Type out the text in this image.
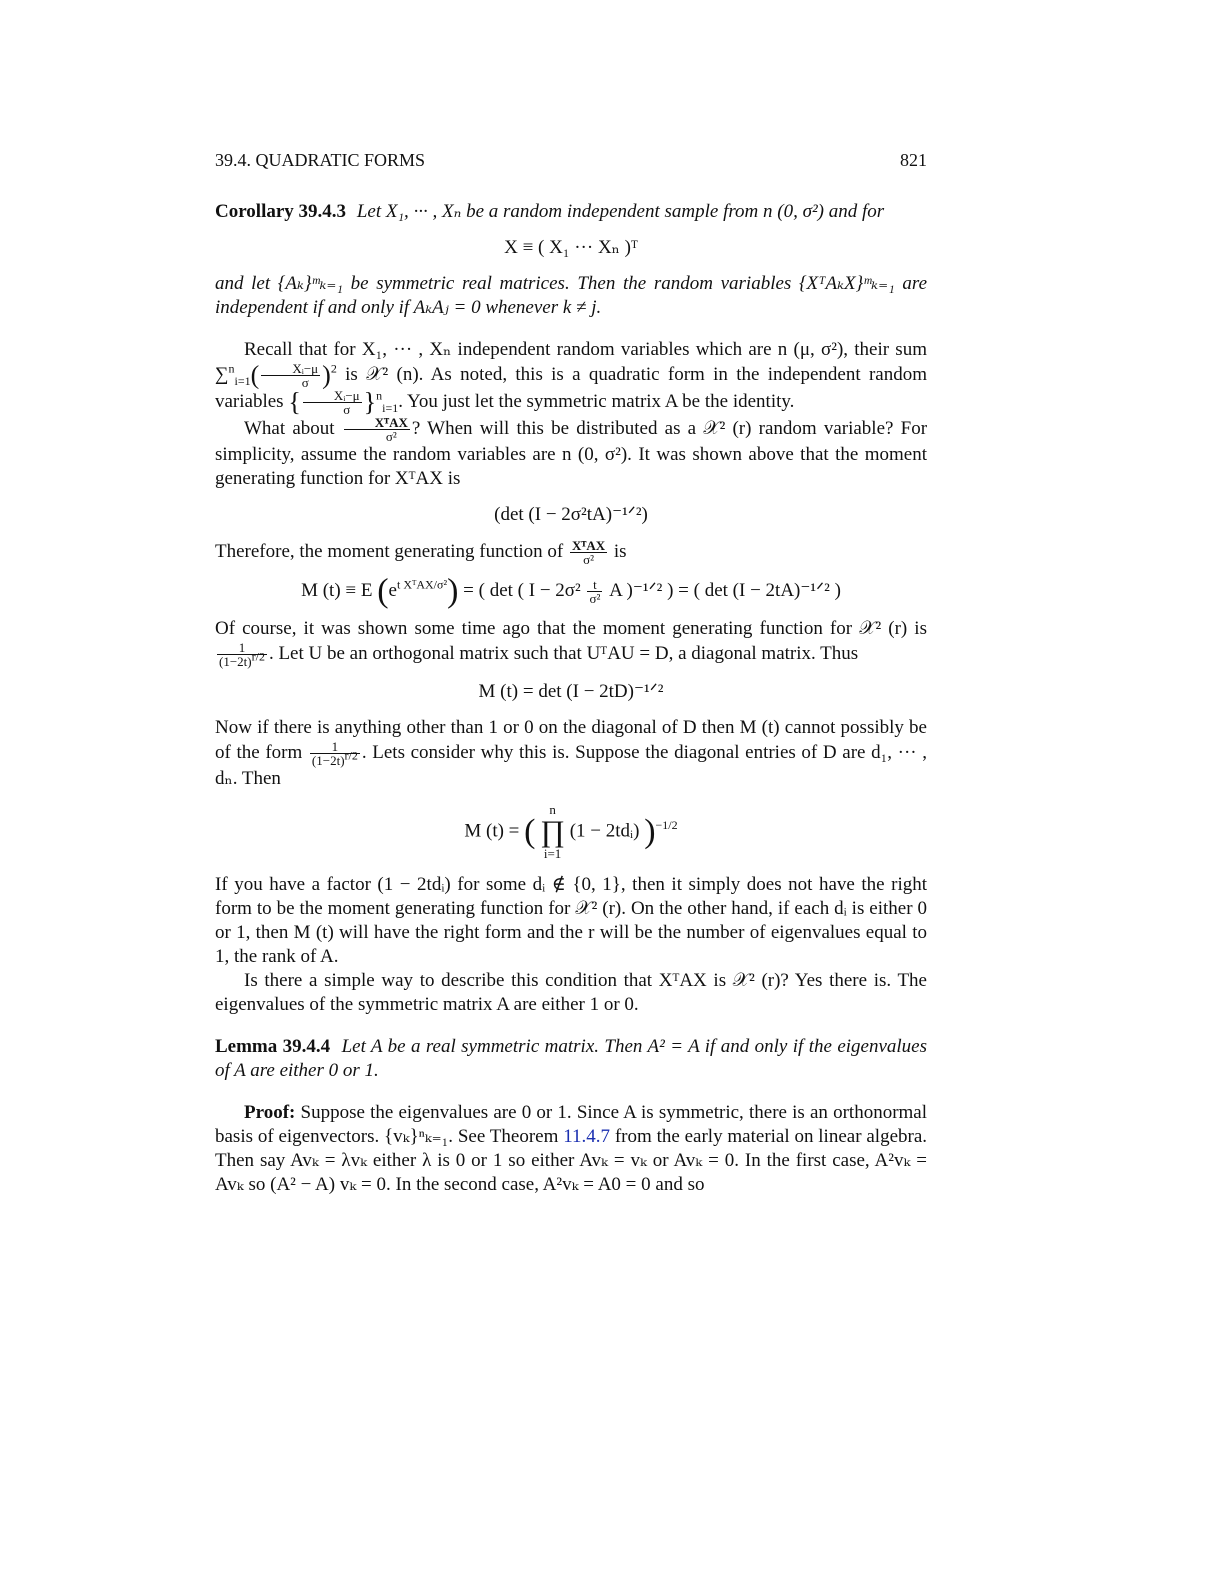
39.4. QUADRATIC FORMS	821

Corollary 39.4.3 Let X₁, ··· , Xₙ be a random independent sample from n (0, σ²) and for

X ≡ ( X₁ ··· Xₙ )ᵀ

and let {Aₖ}ᵐₖ₌₁ be symmetric real matrices. Then the random variables {XᵀAₖX}ᵐₖ₌₁ are independent if and only if AₖAⱼ = 0 whenever k ≠ j.

Recall that for X₁, ··· , Xₙ independent random variables which are n (μ, σ²), their sum $\sum^n_{i=1}( \frac{\text{Xᵢ−μ}}{\sigma} )^2$ is 𝒳² (n). As noted, this is a quadratic form in the independent random variables { $\frac{\text{Xᵢ−μ}}{\sigma} \}^n_{i=1}$. You just let the symmetric matrix A be the identity.

What about $\frac{\text{XᵀAX}}{\text{σ²}}$ ? When will this be distributed as a 𝒳² (r) random variable? For simplicity, assume the random variables are n (0, σ²). It was shown above that the moment generating function for XᵀAX is

(det (I − 2σ²tA)⁻¹ᐟ²)

Therefore, the moment generating function of $\frac{\text{XᵀAX}}{\text{σ²}}$ is

M (t) ≡ E $(e^{t XᵀAX/\sigma^2})$ = ( det ( $I - 2\sigma^2 \frac{t}{\text{σ²}}$ A )⁻¹ᐟ² ) = ( det (I − 2tA)⁻¹ᐟ² )

Of course, it was shown some time ago that the moment generating function for 𝒳² (r) is
$\frac{1}{(1-2t)^{r/2}}$ . Let U be an orthogonal matrix such that UᵀAU = D, a diagonal matrix. Thus

M (t) = det (I − 2tD)⁻¹ᐟ²

Now if there is anything other than 1 or 0 on the diagonal of D then M (t) cannot possibly be of the form $\frac{1}{(1-2t)^{r/2}}$ . Lets consider why this is. Suppose the diagonal entries of D are d₁, ··· , dₙ. Then

M (t) = ( n
∏
i=1 (1 − 2tdᵢ) )$^{-1/2}$

If you have a factor (1 − 2tdᵢ) for some dᵢ ∉ {0, 1}, then it simply does not have the right form to be the moment generating function for 𝒳² (r). On the other hand, if each dᵢ is either 0 or 1, then M (t) will have the right form and the r will be the number of eigenvalues equal to 1, the rank of A.

Is there a simple way to describe this condition that XᵀAX is 𝒳² (r)? Yes there is. The eigenvalues of the symmetric matrix A are either 1 or 0.

Lemma 39.4.4 Let A be a real symmetric matrix. Then A² = A if and only if the eigenvalues of A are either 0 or 1.

Proof: Suppose the eigenvalues are 0 or 1. Since A is symmetric, there is an orthonormal basis of eigenvectors. {vₖ}ⁿₖ₌₁. See Theorem 11.4.7 from the early material on linear algebra. Then say Avₖ = λvₖ either λ is 0 or 1 so either Avₖ = vₖ or Avₖ = 0. In the first case, A²vₖ = Avₖ so (A² − A) vₖ = 0. In the second case, A²vₖ = A0 = 0 and so
